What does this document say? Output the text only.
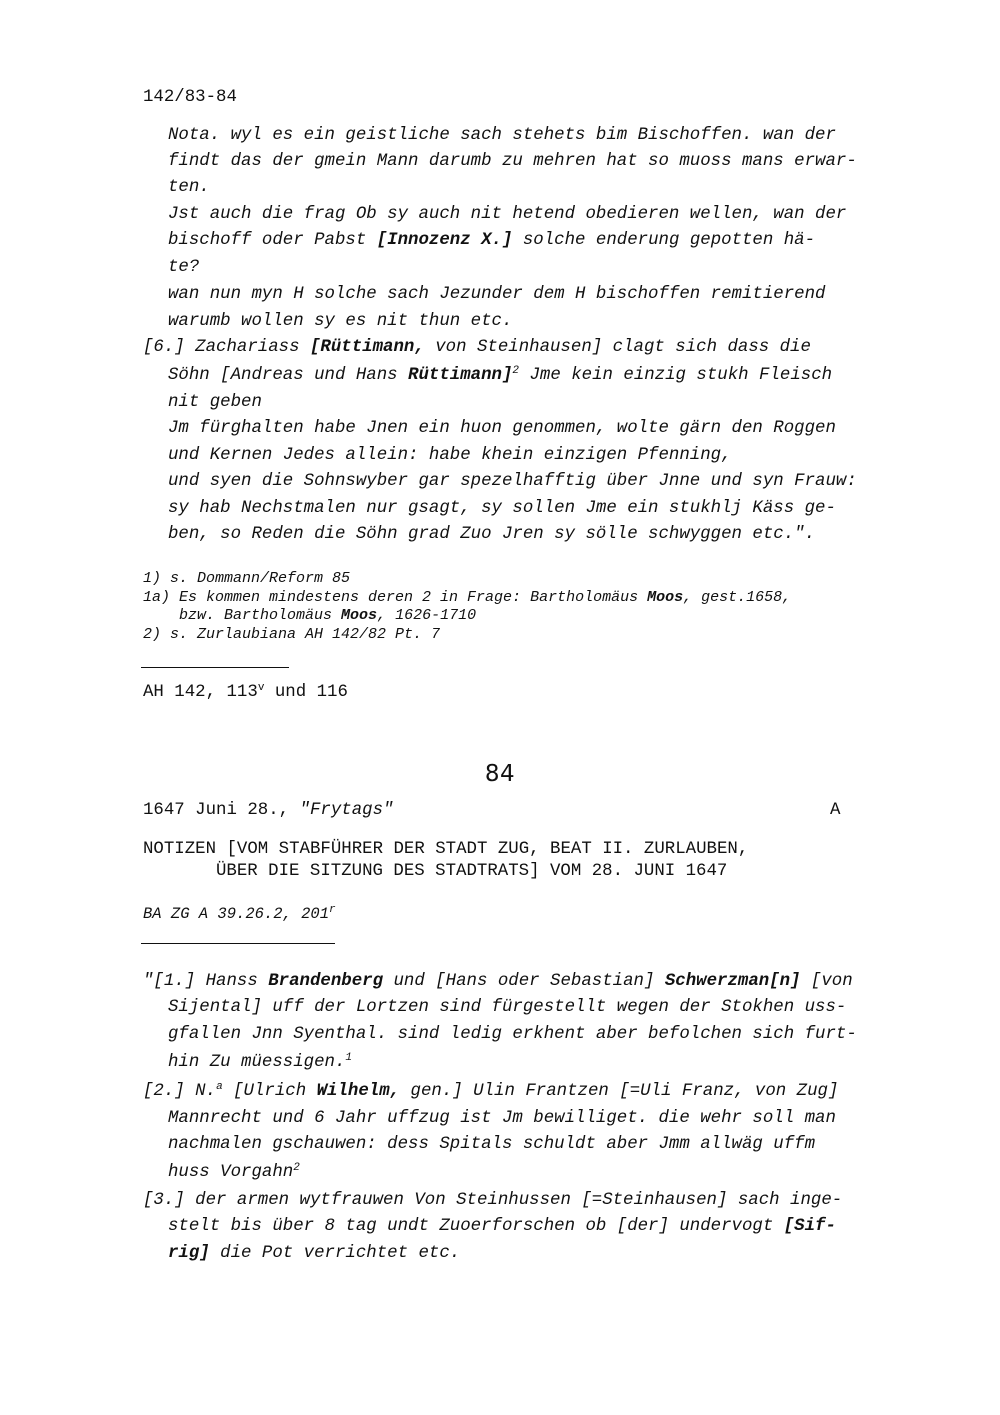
142/83-84
Nota. wyl es ein geistliche sach stehets bim Bischoffen. wan der
findt das der gmein Mann darumb zu mehren hat so muoss mans erwar-
ten.
Jst auch die frag Ob sy auch nit hetend obedieren wellen, wan der
bischoff oder Pabst [Innozenz X.] solche enderung gepotten hä-
te?
wan nun myn H solche sach Jezunder dem H bischoffen remitierend
warumb wollen sy es nit thun etc.
[6.] Zachariass [Rüttimann, von Steinhausen] clagt sich dass die
Söhn [Andreas und Hans Rüttimann]$^2$ Jme kein einzig stukh Fleisch
nit geben
Jm fürghalten habe Jnen ein huon genommen, wolte gärn den Roggen
und Kernen Jedes allein: habe khein einzigen Pfenning,
und syen die Sohnswyber gar spezelhafftig über Jnne und syn Frauw:
sy hab Nechstmalen nur gsagt, sy sollen Jme ein stukhlj Käss ge-
ben, so Reden die Söhn grad Zuo Jren sy sölle schwyggen etc.".
1) s. Dommann/Reform 85
1a) Es kommen mindestens deren 2 in Frage: Bartholomäus Moos, gest.1658,
bzw. Bartholomäus Moos, 1626-1710
2) s. Zurlaubiana AH 142/82 Pt. 7
AH 142, 113$^v$ und 116
84
1647 Juni 28., "Frytags"	A
NOTIZEN [VOM STABFÜHRER DER STADT ZUG, BEAT II. ZURLAUBEN,
ÜBER DIE SITZUNG DES STADTRATS] VOM 28. JUNI 1647
BA ZG A 39.26.2, 201$^r$
"[1.] Hanss Brandenberg und [Hans oder Sebastian] Schwerzman[n] [von
Sijental] uff der Lortzen sind fürgestellt wegen der Stokhen uss-
gfallen Jnn Syenthal. sind ledig erkhent aber befolchen sich furt-
hin Zu müessigen.$^1$
[2.] N.$^a$ [Ulrich Wilhelm, gen.] Ulin Frantzen [=Uli Franz, von Zug]
Mannrecht und 6 Jahr uffzug ist Jm bewilliget. die wehr soll man
nachmalen gschauwen: dess Spitals schuldt aber Jmm allwäg uffm
huss Vorgahn$^2$
[3.] der armen wytfrauwen Von Steinhussen [=Steinhausen] sach inge-
stelt bis über 8 tag undt Zuoerforschen ob [der] undervogt [Sif-
rig] die Pot verrichtet etc.
